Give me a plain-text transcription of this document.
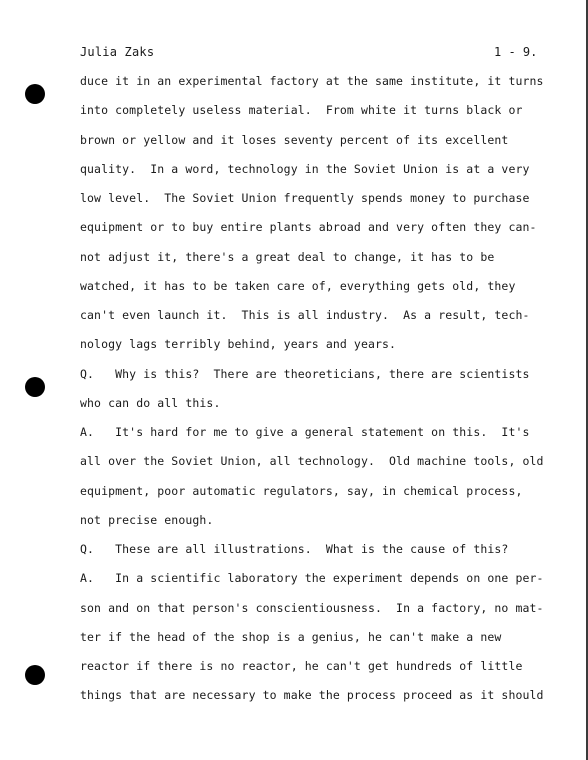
Julia Zaks	1 - 9.
duce it in an experimental factory at the same institute, it turns
into completely useless material.  From white it turns black or
brown or yellow and it loses seventy percent of its excellent
quality.  In a word, technology in the Soviet Union is at a very
low level.  The Soviet Union frequently spends money to purchase
equipment or to buy entire plants abroad and very often they can-
not adjust it, there's a great deal to change, it has to be
watched, it has to be taken care of, everything gets old, they
can't even launch it.  This is all industry.  As a result, tech-
nology lags terribly behind, years and years.
Q.   Why is this?  There are theoreticians, there are scientists
who can do all this.
A.   It's hard for me to give a general statement on this.  It's
all over the Soviet Union, all technology.  Old machine tools, old
equipment, poor automatic regulators, say, in chemical process,
not precise enough.
Q.   These are all illustrations.  What is the cause of this?
A.   In a scientific laboratory the experiment depends on one per-
son and on that person's conscientiousness.  In a factory, no mat-
ter if the head of the shop is a genius, he can't make a new
reactor if there is no reactor, he can't get hundreds of little
things that are necessary to make the process proceed as it should
